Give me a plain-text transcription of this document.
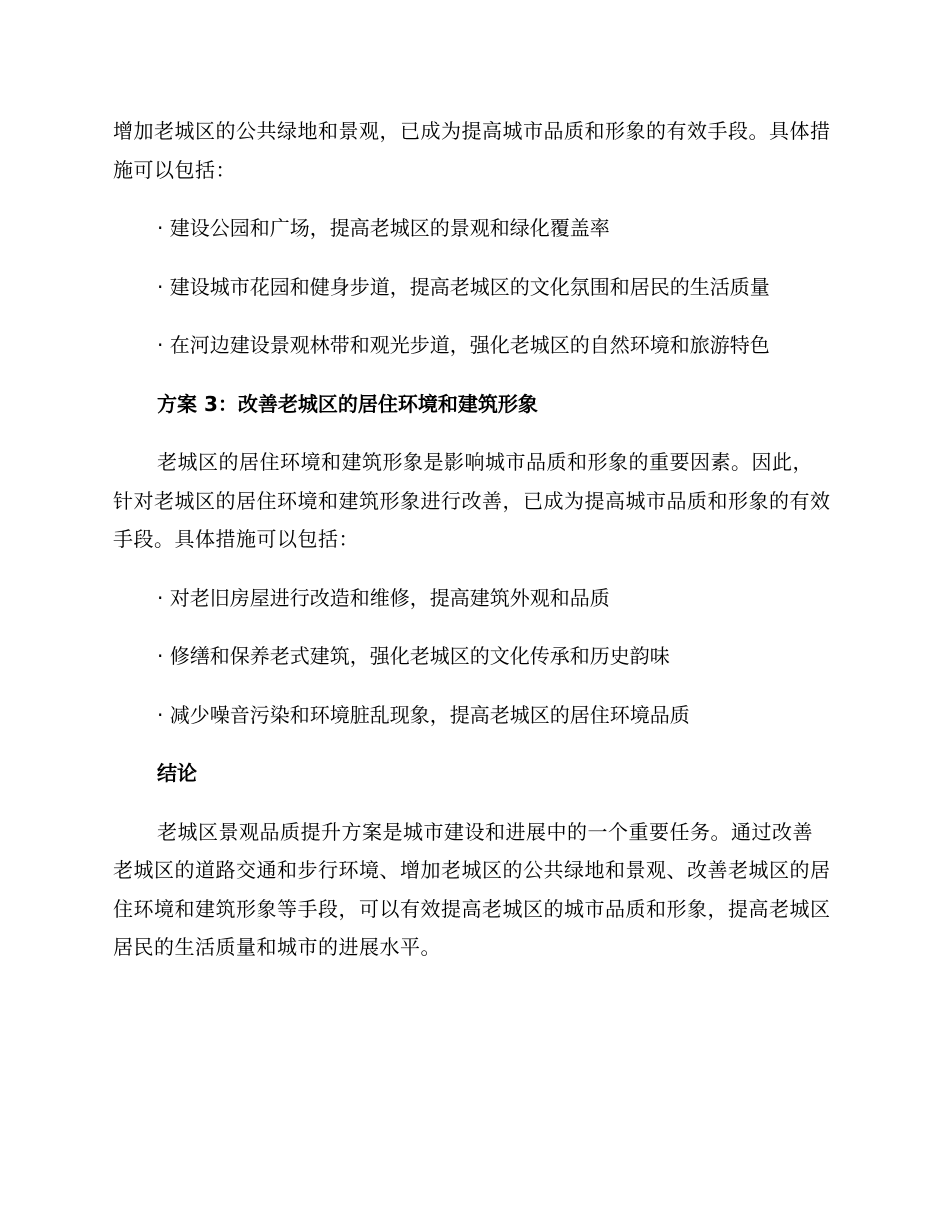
增加老城区的公共绿地和景观，已成为提高城市品质和形象的有效手段。具体措施可以包括：

· 建设公园和广场，提高老城区的景观和绿化覆盖率

· 建设城市花园和健身步道，提高老城区的文化氛围和居民的生活质量

· 在河边建设景观林带和观光步道，强化老城区的自然环境和旅游特色

方案 3：改善老城区的居住环境和建筑形象

老城区的居住环境和建筑形象是影响城市品质和形象的重要因素。因此，针对老城区的居住环境和建筑形象进行改善，已成为提高城市品质和形象的有效手段。具体措施可以包括：

· 对老旧房屋进行改造和维修，提高建筑外观和品质

· 修缮和保养老式建筑，强化老城区的文化传承和历史韵味

· 减少噪音污染和环境脏乱现象，提高老城区的居住环境品质

结论

老城区景观品质提升方案是城市建设和进展中的一个重要任务。通过改善老城区的道路交通和步行环境、增加老城区的公共绿地和景观、改善老城区的居住环境和建筑形象等手段，可以有效提高老城区的城市品质和形象，提高老城区居民的生活质量和城市的进展水平。
